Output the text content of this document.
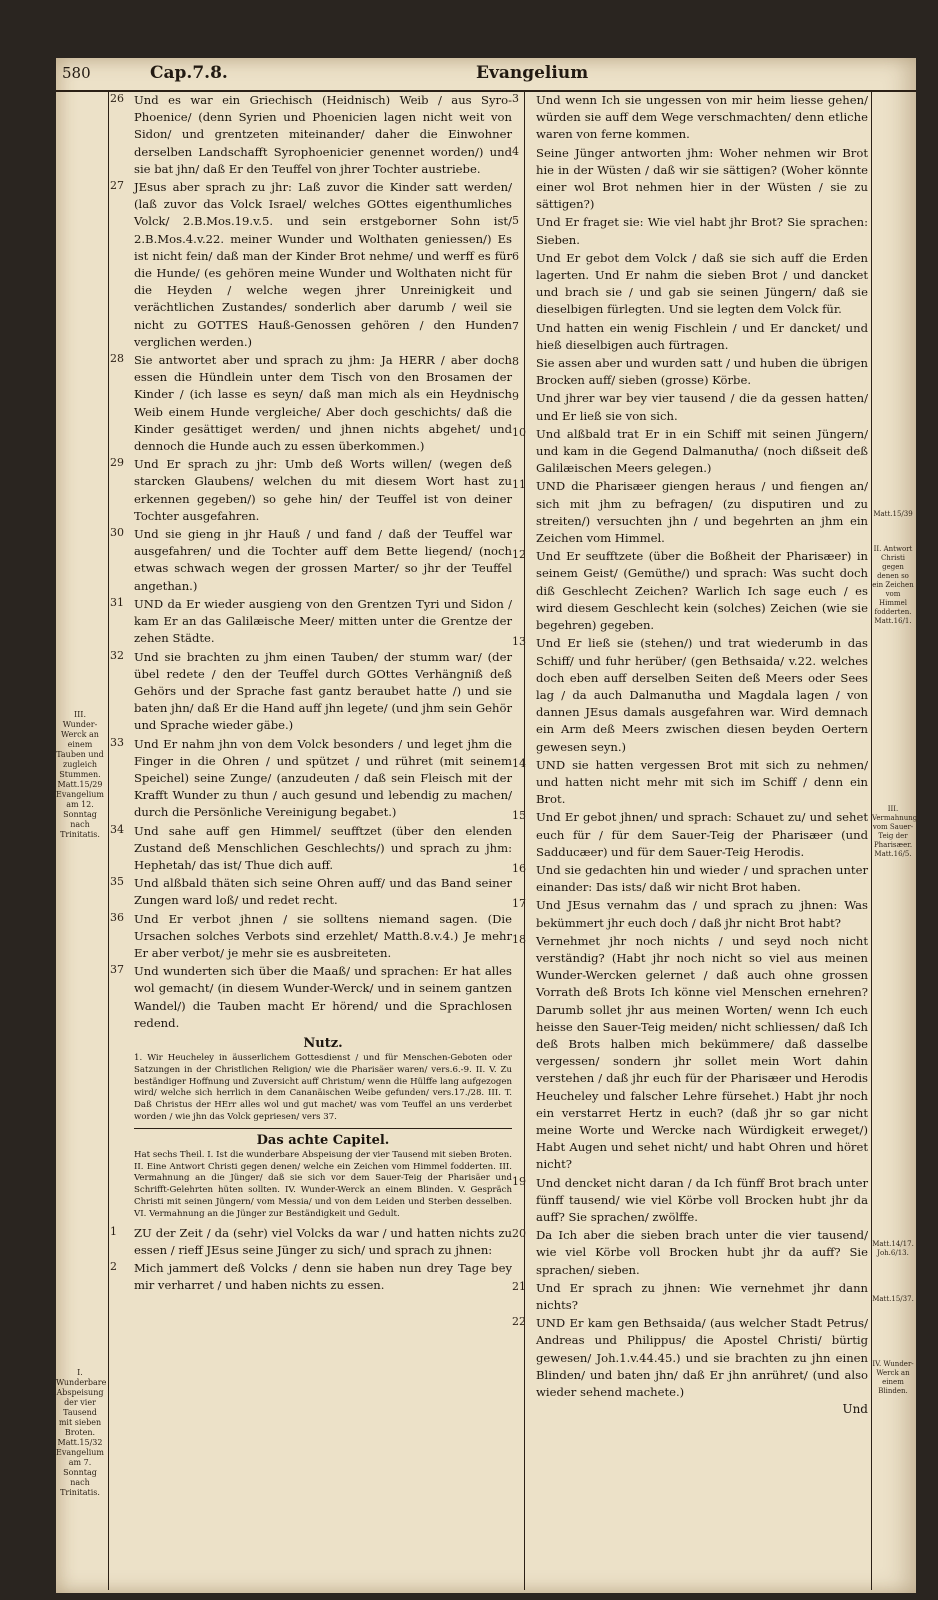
580	Cap.7.8.	Evangelium
III. Wunder-Werck an einem Tauben und zugleich Stummen. Matt.15/29 Evangelium am 12. Sonntag nach Trinitatis.
I. Wunderbare Abspeisung der vier Tausend mit sieben Broten. Matt.15/32 Evangelium am 7. Sonntag nach Trinitatis.
Matt.15/39
II. Antwort Christi gegen denen so ein Zeichen vom Himmel fodderten. Matt.16/1.
III. Vermahnung vom Sauer-Teig der Pharisæer. Matt.16/5.
Matt.14/17. Joh.6/13.
Matt.15/37.
IV. Wunder-Werck an einem Blinden.
26 Und es war ein Griechisch (Heidnisch) Weib / aus Syro-Phoenice/ (denn Syrien und Phoenicien lagen nicht weit von Sidon/ und grentzeten miteinander/ daher die Einwohner derselben Landschafft Syrophoenicier genennet worden/) und sie bat jhn/ daß Er den Teuffel von jhrer Tochter austriebe.

27 JEsus aber sprach zu jhr: Laß zuvor die Kinder satt werden/ (laß zuvor das Volck Israel/ welches GOttes eigenthumliches Volck/ 2.B.Mos.19.v.5. und sein erstgeborner Sohn ist/ 2.B.Mos.4.v.22. meiner Wunder und Wolthaten geniessen/) Es ist nicht fein/ daß man der Kinder Brot nehme/ und werff es für die Hunde/ (es gehören meine Wunder und Wolthaten nicht für die Heyden / welche wegen jhrer Unreinigkeit und verächtlichen Zustandes/ sonderlich aber darumb / weil sie nicht zu GOTTES Hauß-Genossen gehören / den Hunden verglichen werden.)

28 Sie antwortet aber und sprach zu jhm: Ja HERR / aber doch essen die Hündlein unter dem Tisch von den Brosamen der Kinder / (ich lasse es seyn/ daß man mich als ein Heydnisch Weib einem Hunde vergleiche/ Aber doch geschichts/ daß die Kinder gesättiget werden/ und jhnen nichts abgehet/ und dennoch die Hunde auch zu essen überkommen.)

29 Und Er sprach zu jhr: Umb deß Worts willen/ (wegen deß starcken Glaubens/ welchen du mit diesem Wort hast zu erkennen gegeben/) so gehe hin/ der Teuffel ist von deiner Tochter ausgefahren.

30 Und sie gieng in jhr Hauß / und fand / daß der Teuffel war ausgefahren/ und die Tochter auff dem Bette liegend/ (noch etwas schwach wegen der grossen Marter/ so jhr der Teuffel angethan.)

31 UND da Er wieder ausgieng von den Grentzen Tyri und Sidon / kam Er an das Galilæische Meer/ mitten unter die Grentze der zehen Städte.

32 Und sie brachten zu jhm einen Tauben/ der stumm war/ (der übel redete / den der Teuffel durch GOttes Verhängniß deß Gehörs und der Sprache fast gantz beraubet hatte /) und sie baten jhn/ daß Er die Hand auff jhn legete/ (und jhm sein Gehör und Sprache wieder gäbe.)

33 Und Er nahm jhn von dem Volck besonders / und leget jhm die Finger in die Ohren / und spützet / und rühret (mit seinem Speichel) seine Zunge/ (anzudeuten / daß sein Fleisch mit der Krafft Wunder zu thun / auch gesund und lebendig zu machen/ durch die Persönliche Vereinigung begabet.)

34 Und sahe auff gen Himmel/ seufftzet (über den elenden Zustand deß Menschlichen Geschlechts/) und sprach zu jhm: Hephetah/ das ist/ Thue dich auff.

35 Und alßbald thäten sich seine Ohren auff/ und das Band seiner Zungen ward loß/ und redet recht.

36 Und Er verbot jhnen / sie solltens niemand sagen. (Die Ursachen solches Verbots sind erzehlet/ Matth.8.v.4.) Je mehr Er aber verbot/ je mehr sie es ausbreiteten.

37 Und wunderten sich über die Maaß/ und sprachen: Er hat alles wol gemacht/ (in diesem Wunder-Werck/ und in seinem gantzen Wandel/) die Tauben macht Er hörend/ und die Sprachlosen redend.

Nutz.

1. Wir Heucheley in äusserlichem Gottesdienst / und für Menschen-Geboten oder Satzungen in der Christlichen Religion/ wie die Pharisäer waren/ vers.6.-9. II. V. Zu beständiger Hoffnung und Zuversicht auff Christum/ wenn die Hülffe lang aufgezogen wird/ welche sich herrlich in dem Cananäischen Weibe gefunden/ vers.17./28. III. T. Daß Christus der HErr alles wol und gut machet/ was vom Teuffel an uns verderbet worden / wie jhn das Volck gepriesen/ vers 37.

Das achte Capitel.

Hat sechs Theil. I. Ist die wunderbare Abspeisung der vier Tausend mit sieben Broten. II. Eine Antwort Christi gegen denen/ welche ein Zeichen vom Himmel fodderten. III. Vermahnung an die Jünger/ daß sie sich vor dem Sauer-Teig der Pharisäer und Schrifft-Gelehrten hüten sollten. IV. Wunder-Werck an einem Blinden. V. Gespräch Christi mit seinen Jüngern/ vom Messia/ und von dem Leiden und Sterben desselben. VI. Vermahnung an die Jünger zur Beständigkeit und Gedult.

1 ZU der Zeit / da (sehr) viel Volcks da war / und hatten nichts zu essen / rieff JEsus seine Jünger zu sich/ und sprach zu jhnen:

2 Mich jammert deß Volcks / denn sie haben nun drey Tage bey mir verharret / und haben nichts zu essen.

3 Und wenn Ich sie ungessen von mir heim liesse gehen/ würden sie auff dem Wege verschmachten/ denn etliche waren von ferne kommen.

4 Seine Jünger antworten jhm: Woher nehmen wir Brot hie in der Wüsten / daß wir sie sättigen? (Woher könnte einer wol Brot nehmen hier in der Wüsten / sie zu sättigen?)

5 Und Er fraget sie: Wie viel habt jhr Brot? Sie sprachen: Sieben.

6 Und Er gebot dem Volck / daß sie sich auff die Erden lagerten. Und Er nahm die sieben Brot / und dancket und brach sie / und gab sie seinen Jüngern/ daß sie dieselbigen fürlegten. Und sie legten dem Volck für.

7 Und hatten ein wenig Fischlein / und Er dancket/ und hieß dieselbigen auch fürtragen.

8 Sie assen aber und wurden satt / und huben die übrigen Brocken auff/ sieben (grosse) Körbe.

9 Und jhrer war bey vier tausend / die da gessen hatten/ und Er ließ sie von sich.

10 Und alßbald trat Er in ein Schiff mit seinen Jüngern/ und kam in die Gegend Dalmanutha/ (noch dißseit deß Galilæischen Meers gelegen.)

11 UND die Pharisæer giengen heraus / und fiengen an/ sich mit jhm zu befragen/ (zu disputiren und zu streiten/) versuchten jhn / und begehrten an jhm ein Zeichen vom Himmel.

12 Und Er seufftzete (über die Boßheit der Pharisæer) in seinem Geist/ (Gemüthe/) und sprach: Was sucht doch diß Geschlecht Zeichen? Warlich Ich sage euch / es wird diesem Geschlecht kein (solches) Zeichen (wie sie begehren) gegeben.

13 Und Er ließ sie (stehen/) und trat wiederumb in das Schiff/ und fuhr herüber/ (gen Bethsaida/ v.22. welches doch eben auff derselben Seiten deß Meers oder Sees lag / da auch Dalmanutha und Magdala lagen / von dannen JEsus damals ausgefahren war. Wird demnach ein Arm deß Meers zwischen diesen beyden Oertern gewesen seyn.)

14 UND sie hatten vergessen Brot mit sich zu nehmen/ und hatten nicht mehr mit sich im Schiff / denn ein Brot.

15 Und Er gebot jhnen/ und sprach: Schauet zu/ und sehet euch für / für dem Sauer-Teig der Pharisæer (und Sadducæer) und für dem Sauer-Teig Herodis.

16 Und sie gedachten hin und wieder / und sprachen unter einander: Das ists/ daß wir nicht Brot haben.

17 Und JEsus vernahm das / und sprach zu jhnen: Was bekümmert jhr euch doch / daß jhr nicht Brot habt?

18 Vernehmet jhr noch nichts / und seyd noch nicht verständig? (Habt jhr noch nicht so viel aus meinen Wunder-Wercken gelernet / daß auch ohne grossen Vorrath deß Brots Ich könne viel Menschen ernehren? Darumb sollet jhr aus meinen Worten/ wenn Ich euch heisse den Sauer-Teig meiden/ nicht schliessen/ daß Ich deß Brots halben mich bekümmere/ daß dasselbe vergessen/ sondern jhr sollet mein Wort dahin verstehen / daß jhr euch für der Pharisæer und Herodis Heucheley und falscher Lehre fürsehet.) Habt jhr noch ein verstarret Hertz in euch? (daß jhr so gar nicht meine Worte und Wercke nach Würdigkeit erweget/) Habt Augen und sehet nicht/ und habt Ohren und höret nicht?

19 Und dencket nicht daran / da Ich fünff Brot brach unter fünff tausend/ wie viel Körbe voll Brocken hubt jhr da auff? Sie sprachen/ zwölffe.

20 Da Ich aber die sieben brach unter die vier tausend/ wie viel Körbe voll Brocken hubt jhr da auff? Sie sprachen/ sieben.

21 Und Er sprach zu jhnen: Wie vernehmet jhr dann nichts?

22 UND Er kam gen Bethsaida/ (aus welcher Stadt Petrus/ Andreas und Philippus/ die Apostel Christi/ bürtig gewesen/ Joh.1.v.44.45.) und sie brachten zu jhn einen Blinden/ und baten jhn/ daß Er jhn anrühret/ (und also wieder sehend machete.)

Und
